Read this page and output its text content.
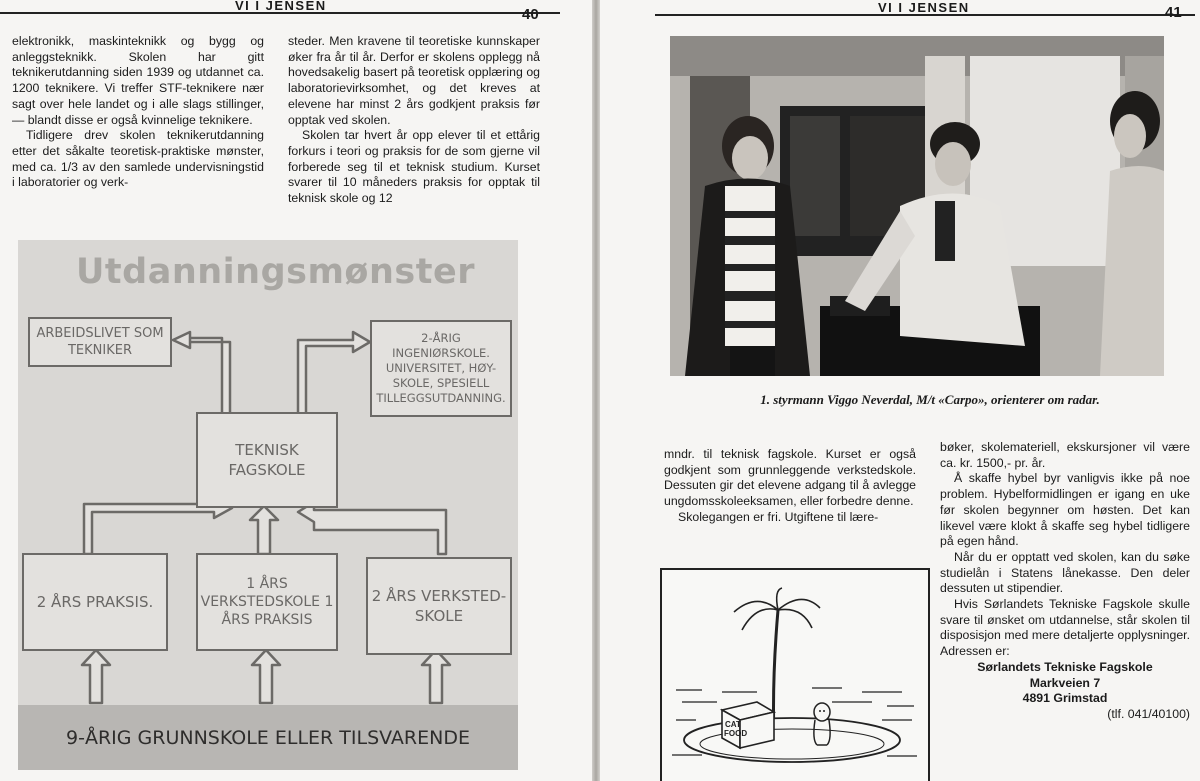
VI I JENSEN
40

elektronikk, maskinteknikk og bygg og anleggsteknikk. Skolen har gitt teknikerutdanning siden 1939 og utdannet ca. 1200 teknikere. Vi treffer STF-teknikere nær sagt over hele landet og i alle slags stillinger, — blandt disse er også kvinnelige teknikere.

Tidligere drev skolen teknikerutdanning etter det såkalte teoretisk-praktiske mønster, med ca. 1/3 av den samlede undervisningstid i laboratorier og verk-

steder. Men kravene til teoretiske kunnskaper øker fra år til år. Derfor er skolens opplegg nå hovedsakelig basert på teoretisk opplæring og laboratorievirksomhet, og det kreves at elevene har minst 2 års godkjent praksis før opptak ved skolen.

Skolen tar hvert år opp elever til et ettårig forkurs i teori og praksis for de som gjerne vil forberede seg til et teknisk studium. Kurset svarer til 10 måneders praksis for opptak til teknisk skole og 12

Utdanningsmønster
ARBEIDSLIVET SOM TEKNIKER
2-ÅRIG INGENIØRSKOLE. UNIVERSITET, HØY-SKOLE, SPESIELL TILLEGGSUTDANNING.
TEKNISK FAGSKOLE
2 ÅRS PRAKSIS.
1 ÅRS VERKSTEDSKOLE 1 ÅRS PRAKSIS
2 ÅRS VERKSTED-SKOLE
9-ÅRIG GRUNNSKOLE ELLER TILSVARENDE
VI I JENSEN	41
1. styrmann Viggo Neverdal, M/t «Carpo», orienterer om radar.

mndr. til teknisk fagskole. Kurset er også godkjent som grunnleggende verkstedskole. Dessuten gir det elevene adgang til å avlegge ungdomsskoleeksamen, eller forbedre denne.

Skolegangen er fri. Utgiftene til lære-

CAT
FOOD

bøker, skolemateriell, ekskursjoner vil være ca. kr. 1500,- pr. år.

Å skaffe hybel byr vanligvis ikke på noe problem. Hybelformidlingen er igang en uke før skolen begynner om høsten. Det kan likevel være klokt å skaffe seg hybel tidligere på egen hånd.

Når du er opptatt ved skolen, kan du søke studielån i Statens lånekasse. Den deler dessuten ut stipendier.

Hvis Sørlandets Tekniske Fagskole skulle svare til ønsket om utdannelse, står skolen til disposisjon med mere detaljerte opplysninger. Adressen er:

Sørlandets Tekniske Fagskole

Markveien 7

4891 Grimstad

(tlf. 041/40100)
